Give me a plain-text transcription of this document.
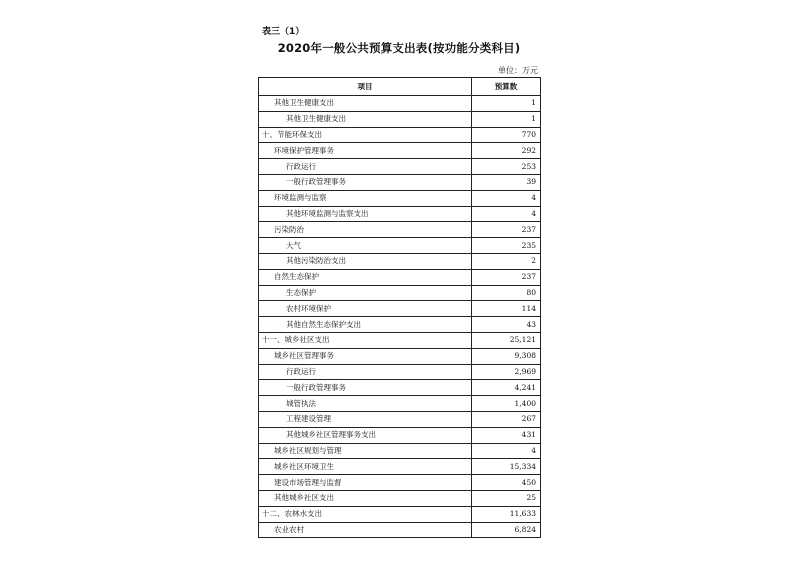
表三（1）
2020年一般公共预算支出表(按功能分类科目)
单位：万元
项目	预算数
其他卫生健康支出	1
其他卫生健康支出	1
十、节能环保支出	770
环境保护管理事务	292
行政运行	253
一般行政管理事务	39
环境监测与监察	4
其他环境监测与监察支出	4
污染防治	237
大气	235
其他污染防治支出	2
自然生态保护	237
生态保护	80
农村环境保护	114
其他自然生态保护支出	43
十一、城乡社区支出	25,121
城乡社区管理事务	9,308
行政运行	2,969
一般行政管理事务	4,241
城管执法	1,400
工程建设管理	267
其他城乡社区管理事务支出	431
城乡社区规划与管理	4
城乡社区环境卫生	15,334
建设市场管理与监督	450
其他城乡社区支出	25
十二、农林水支出	11,633
农业农村	6,824
